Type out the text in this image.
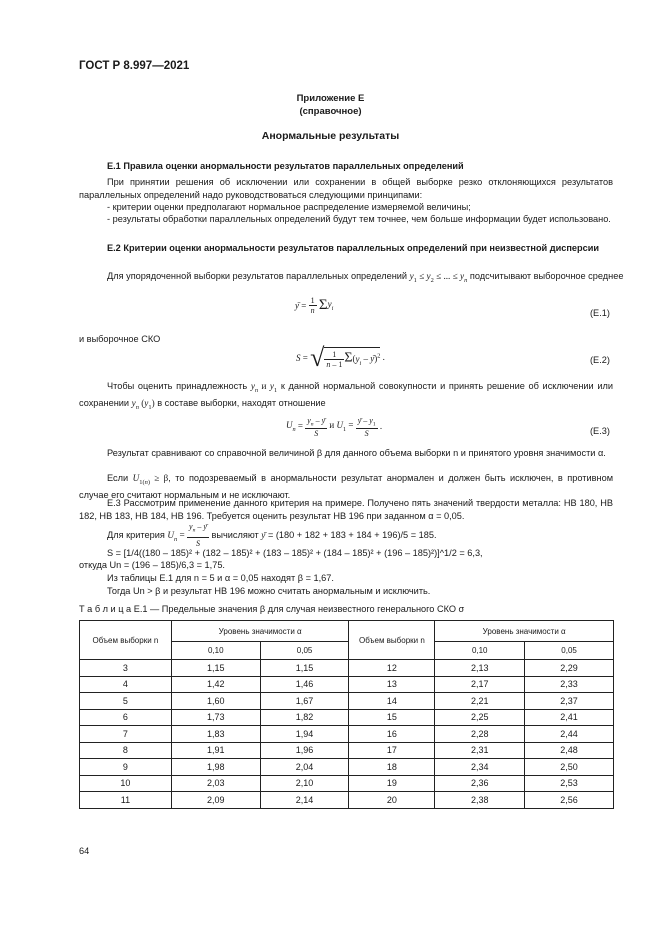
ГОСТ Р 8.997—2021
Приложение Е
(справочное)
Анормальные результаты
Е.1 Правила оценки анормальности результатов параллельных определений
При принятии решения об исключении или сохранении в общей выборке резко отклоняющихся результатов параллельных определений надо руководствоваться следующими принципами:
- критерии оценки предполагают нормальное распределение измеряемой величины;
- результаты обработки параллельных определений будут тем точнее, чем больше информации будет использовано.
Е.2 Критерии оценки анормальности результатов параллельных определений при неизвестной дисперсии
Для упорядоченной выборки результатов параллельных определений $y_1 \le y_2$ ≤ ... ≤ $y_n$ подсчитывают выборочное среднее
ȳ = $\frac{1}{n} \Sigma y_i$	(Е.1)
и выборочное СКО
S = √ $\frac{1}{n - 1} \Sigma(y_i$ – ȳ)$^2$ .	(Е.2)
Чтобы оценить принадлежность $y_n$ и $y_1$ к данной нормальной совокупности и принять решение об исключении или сохранении $y_n$ $(y_1)$ в составе выборки, находят отношение
$U_n = \frac{y_n - y}{S}$ и $U_1 = \frac{ȳ - y_1}{S}$ .
(Е.3)
Результат сравнивают со справочной величиной β для данного объема выборки n и принятого уровня значимости α.
Если $U_{1(n)} \ge \beta$, то подозреваемый в анормальности результат анормален и должен быть исключен, в противном случае его считают нормальным и не исключают.
Е.3 Рассмотрим применение данного критерия на примере. Получено пять значений твердости металла: НВ 180, НВ 182, НВ 183, НВ 184, НВ 196. Требуется оценить результат НВ 196 при заданном α = 0,05.
Для критерия $U_n = \frac{y_n - y}{S}$ вычисляют y = (180 + 182 + 183 + 184 + 196)/5 = 185.
S = [1/4((180 – 185)² + (182 – 185)² + (183 – 185)² + (184 – 185)² + (196 – 185)²)]^1/2 = 6,3,
откуда Un = (196 – 185)/6,3 = 1,75.
Из таблицы Е.1 для n = 5 и α = 0,05 находят β = 1,67.
Тогда Un > β и результат НВ 196 можно считать анормальным и исключить.
Т а б л и ц а Е.1 — Предельные значения β для случая неизвестного генерального СКО σ
Объем выборки n	Уровень значимости α		Объем выборки n	Уровень значимости α	
	0,10	0,05		0,10	0,05
3	1,15	1,15	12	2,13	2,29
4	1,42	1,46	13	2,17	2,33
5	1,60	1,67	14	2,21	2,37
6	1,73	1,82	15	2,25	2,41
7	1,83	1,94	16	2,28	2,44
8	1,91	1,96	17	2,31	2,48
9	1,98	2,04	18	2,34	2,50
10	2,03	2,10	19	2,36	2,53
11	2,09	2,14	20	2,38	2,56
64
